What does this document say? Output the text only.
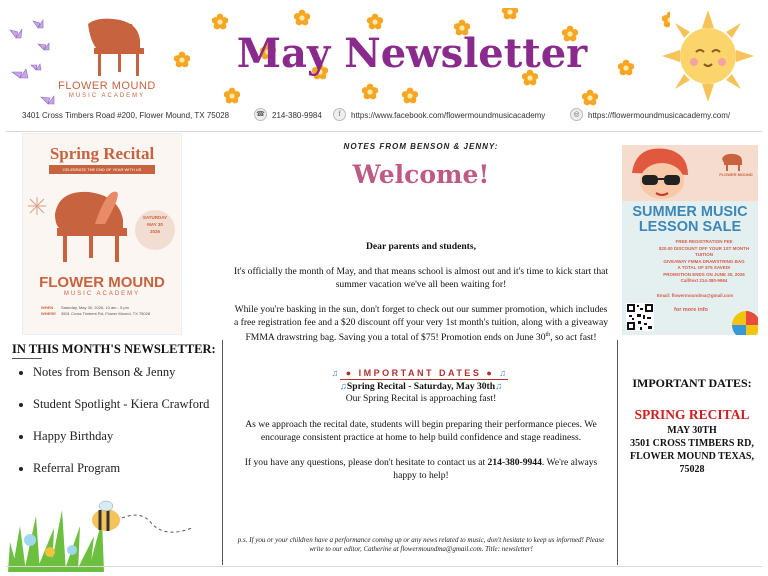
FLOWER MOUND
MUSIC ACADEMY
May Newsletter
3401 Cross Timbers Road #200, Flower Mound, TX 75028	☎ 214-380-9984	f	https://www.facebook.com/flowermoundmusicacademy	◎	https://flowermoundmusicacademy.com/
Spring Recital
CELEBRATE THE END OF YEAR WITH US
SATURDAY
MAY 30
2026
FLOWER MOUND
MUSIC ACADEMY
WHEN Saturday, May 30, 2026, 10 am - 5 pm
WHERE 3501 Cross Timbers Rd, Flower Mound, TX 75028
IN THIS MONTH'S NEWSLETTER:
• Notes from Benson & Jenny
• Student Spotlight - Kiera Crawford
• Happy Birthday
• Referral Program
NOTES FROM BENSON & JENNY:
Welcome!
Dear parents and students,
It's officially the month of May, and that means school is almost out and it's time to kick start that summer vacation we've all been waiting for!
While you're basking in the sun, don't forget to check out our summer promotion, which includes a free registration fee and a $20 discount off your very 1st month's tuition, along with a giveaway FMMA drawstring bag. Saving you a total of $75! Promotion ends on June 30th, so act fast!
♫ ● IMPORTANT DATES ● ♫
♫Spring Recital - Saturday, May 30th♫
Our Spring Recital is approaching fast!
As we approach the recital date, students will begin preparing their performance pieces. We encourage consistent practice at home to help build confidence and stage readiness.
If you have any questions, please don't hesitate to contact us at 214-380-9944. We're always happy to help!
p.s. If you or your children have a performance coming up or any news related to music, don't hesitate to keep us informed! Please write to our editor, Catherine at flowermoundma@gmail.com. Title: newsletter!
FLOWER MOUND
SUMMER MUSIC LESSON SALE
FREE REGISTRATION FEE
$20.00 DISCOUNT OFF YOUR 1ST MONTH TUITION
GIVEAWAY FMMA DRAWSTRING BAG
A TOTAL OF $75 SAVED!
PROMOTION ENDS ON JUNE 30, 2026
Call/text 214-380-9984
Email: flowermoundma@gmail.com
for more info
IMPORTANT DATES:
SPRING RECITAL
MAY 30TH
3501 CROSS TIMBERS RD, FLOWER MOUND TEXAS, 75028
